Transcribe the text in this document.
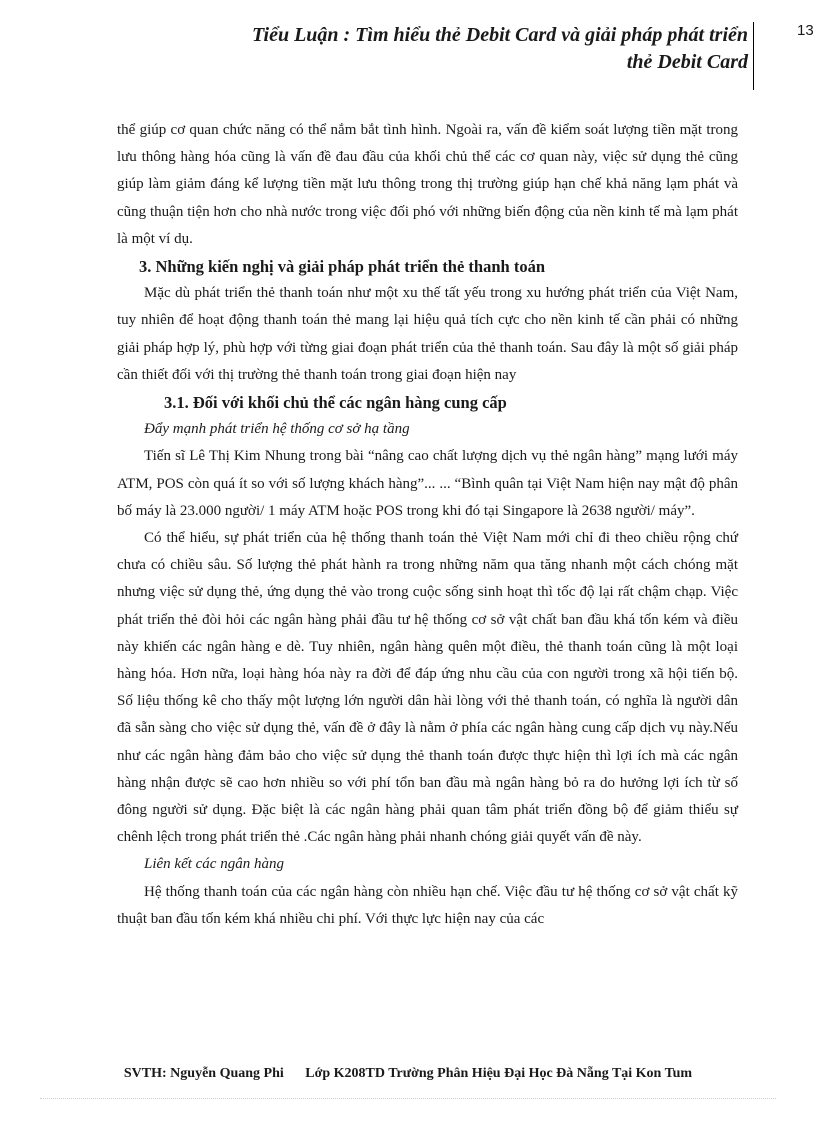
Tiểu Luận : Tìm hiểu thẻ Debit Card và giải pháp phát triển
thẻ Debit Card
13

thể giúp cơ quan chức năng có thể nắm bắt tình hình. Ngoài ra, vấn đề kiểm soát lượng tiền mặt trong lưu thông hàng hóa cũng là vấn đề đau đầu của khối chủ thể các cơ quan này, việc sử dụng thẻ cũng giúp làm giảm đáng kể lượng tiền mặt lưu thông trong thị trường giúp hạn chế khả năng lạm phát và cũng thuận tiện hơn cho nhà nước trong việc đối phó với những biến động của nền kinh tế mà lạm phát là một ví dụ.

3. Những kiến nghị và giải pháp phát triển thẻ thanh toán

Mặc dù phát triển thẻ thanh toán như một xu thế tất yếu trong xu hướng phát triển của Việt Nam, tuy nhiên để hoạt động thanh toán thẻ mang lại hiệu quả tích cực cho nền kinh tế cần phải có những giải pháp hợp lý, phù hợp với từng giai đoạn phát triển của thẻ thanh toán. Sau đây là một số giải pháp cần thiết đối với thị trường thẻ thanh toán trong giai đoạn hiện nay

3.1. Đối với khối chủ thể các ngân hàng cung cấp

Đẩy mạnh phát triển hệ thống cơ sở hạ tầng

Tiến sĩ Lê Thị Kim Nhung trong bài “nâng cao chất lượng dịch vụ thẻ ngân hàng” mạng lưới máy ATM, POS còn quá ít so với số lượng khách hàng”... ... “Bình quân tại Việt Nam hiện nay mật độ phân bố máy là 23.000 người/ 1 máy ATM hoặc POS trong khi đó tại Singapore là 2638 người/ máy”.

Có thể hiểu, sự phát triển của hệ thống thanh toán thẻ Việt Nam mới chỉ đi theo chiều rộng chứ chưa có chiều sâu. Số lượng thẻ phát hành ra trong những năm qua tăng nhanh một cách chóng mặt nhưng việc sử dụng thẻ, ứng dụng thẻ vào trong cuộc sống sinh hoạt thì tốc độ lại rất chậm chạp. Việc phát triển thẻ đòi hỏi các ngân hàng phải đầu tư hệ thống cơ sở vật chất ban đầu khá tốn kém và điều này khiến các ngân hàng e dè. Tuy nhiên, ngân hàng quên một điều, thẻ thanh toán cũng là một loại hàng hóa. Hơn nữa, loại hàng hóa này ra đời để đáp ứng nhu cầu của con người trong xã hội tiến bộ. Số liệu thống kê cho thấy một lượng lớn người dân hài lòng với thẻ thanh toán, có nghĩa là người dân đã sẵn sàng cho việc sử dụng thẻ, vấn đề ở đây là nằm ở phía các ngân hàng cung cấp dịch vụ này.Nếu như các ngân hàng đảm bảo cho việc sử dụng thẻ thanh toán được thực hiện thì lợi ích mà các ngân hàng nhận được sẽ cao hơn nhiều so với phí tổn ban đầu mà ngân hàng bỏ ra do hưởng lợi ích từ số đông người sử dụng. Đặc biệt là các ngân hàng phải quan tâm phát triển đồng bộ để giảm thiểu sự chênh lệch trong phát triển thẻ .Các ngân hàng phải nhanh chóng giải quyết vấn đề này.

Liên kết các ngân hàng

Hệ thống thanh toán của các ngân hàng còn nhiều hạn chế. Việc đầu tư hệ thống cơ sở vật chất kỹ thuật ban đầu tốn kém khá nhiều chi phí. Với thực lực hiện nay của các

SVTH: Nguyễn Quang Phi Lớp K208TD Trường Phân Hiệu Đại Học Đà Nẵng Tại Kon Tum
